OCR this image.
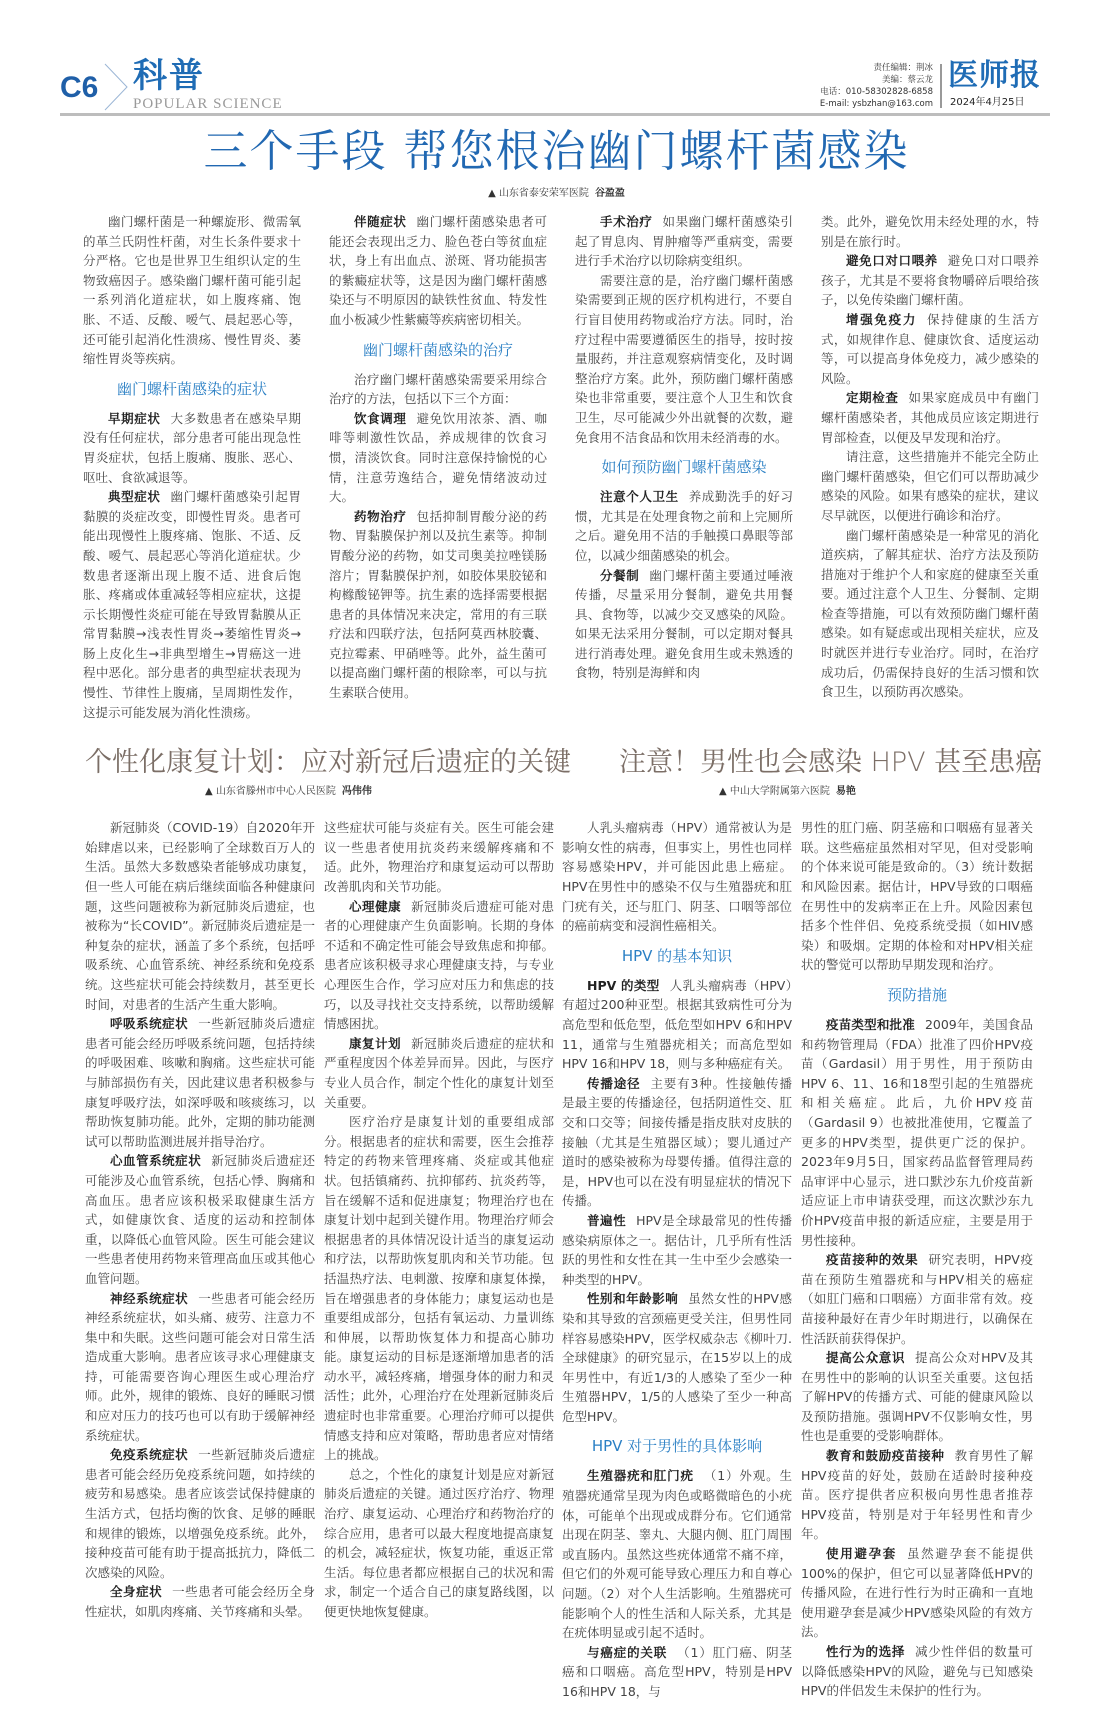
C6 科普
POPULAR SCIENCE
责任编辑：荆冰
美编：蔡云龙
电话：010-58302828-6858
E-mail: ysbzhan@163.com
医师报
2024年4月25日
三个手段 帮您根治幽门螺杆菌感染
▲ 山东省泰安荣军医院 谷盈盈

幽门螺杆菌是一种螺旋形、微需氧的革兰氏阴性杆菌，对生长条件要求十分严格。它也是世界卫生组织认定的生物致癌因子。感染幽门螺杆菌可能引起一系列消化道症状，如上腹疼痛、饱胀、不适、反酸、嗳气、晨起恶心等，还可能引起消化性溃疡、慢性胃炎、萎缩性胃炎等疾病。

幽门螺杆菌感染的症状

早期症状 大多数患者在感染早期没有任何症状，部分患者可能出现急性胃炎症状，包括上腹痛、腹胀、恶心、呕吐、食欲减退等。

典型症状 幽门螺杆菌感染引起胃黏膜的炎症改变，即慢性胃炎。患者可能出现慢性上腹疼痛、饱胀、不适、反酸、嗳气、晨起恶心等消化道症状。少数患者逐渐出现上腹不适、进食后饱胀、疼痛或体重减轻等相应症状，这提示长期慢性炎症可能在导致胃黏膜从正常胃黏膜→浅表性胃炎→萎缩性胃炎→肠上皮化生→非典型增生→胃癌这一进程中恶化。部分患者的典型症状表现为慢性、节律性上腹痛，呈周期性发作，这提示可能发展为消化性溃疡。

伴随症状 幽门螺杆菌感染患者可能还会表现出乏力、脸色苍白等贫血症状，身上有出血点、淤斑、肾功能损害的紫癜症状等，这是因为幽门螺杆菌感染还与不明原因的缺铁性贫血、特发性血小板减少性紫癜等疾病密切相关。

幽门螺杆菌感染的治疗

治疗幽门螺杆菌感染需要采用综合治疗的方法，包括以下三个方面：

饮食调理 避免饮用浓茶、酒、咖啡等刺激性饮品，养成规律的饮食习惯，清淡饮食。同时注意保持愉悦的心情，注意劳逸结合，避免情绪波动过大。

药物治疗 包括抑制胃酸分泌的药物、胃黏膜保护剂以及抗生素等。抑制胃酸分泌的药物，如艾司奥美拉唑镁肠溶片；胃黏膜保护剂，如胶体果胶铋和枸橼酸铋钾等。抗生素的选择需要根据患者的具体情况来决定，常用的有三联疗法和四联疗法，包括阿莫西林胶囊、克拉霉素、甲硝唑等。此外，益生菌可以提高幽门螺杆菌的根除率，可以与抗生素联合使用。

手术治疗 如果幽门螺杆菌感染引起了胃息肉、胃肿瘤等严重病变，需要进行手术治疗以切除病变组织。

需要注意的是，治疗幽门螺杆菌感染需要到正规的医疗机构进行，不要自行盲目使用药物或治疗方法。同时，治疗过程中需要遵循医生的指导，按时按量服药，并注意观察病情变化，及时调整治疗方案。此外，预防幽门螺杆菌感染也非常重要，要注意个人卫生和饮食卫生，尽可能减少外出就餐的次数，避免食用不洁食品和饮用未经消毒的水。

如何预防幽门螺杆菌感染

注意个人卫生 养成勤洗手的好习惯，尤其是在处理食物之前和上完厕所之后。避免用不洁的手触摸口鼻眼等部位，以减少细菌感染的机会。

分餐制 幽门螺杆菌主要通过唾液传播，尽量采用分餐制，避免共用餐具、食物等，以减少交叉感染的风险。如果无法采用分餐制，可以定期对餐具进行消毒处理。避免食用生或未熟透的食物，特别是海鲜和肉

类。此外，避免饮用未经处理的水，特别是在旅行时。

避免口对口喂养 避免口对口喂养孩子，尤其是不要将食物嚼碎后喂给孩子，以免传染幽门螺杆菌。

增强免疫力 保持健康的生活方式，如规律作息、健康饮食、适度运动等，可以提高身体免疫力，减少感染的风险。

定期检查 如果家庭成员中有幽门螺杆菌感染者，其他成员应该定期进行胃部检查，以便及早发现和治疗。

请注意，这些措施并不能完全防止幽门螺杆菌感染，但它们可以帮助减少感染的风险。如果有感染的症状，建议尽早就医，以便进行确诊和治疗。

幽门螺杆菌感染是一种常见的消化道疾病，了解其症状、治疗方法及预防措施对于维护个人和家庭的健康至关重要。通过注意个人卫生、分餐制、定期检查等措施，可以有效预防幽门螺杆菌感染。如有疑虑或出现相关症状，应及时就医并进行专业治疗。同时，在治疗成功后，仍需保持良好的生活习惯和饮食卫生，以预防再次感染。

个性化康复计划：应对新冠后遗症的关键
▲ 山东省滕州市中心人民医院 冯伟伟

新冠肺炎（COVID-19）自2020年开始肆虐以来，已经影响了全球数百万人的生活。虽然大多数感染者能够成功康复，但一些人可能在病后继续面临各种健康问题，这些问题被称为新冠肺炎后遗症，也被称为“长COVID”。新冠肺炎后遗症是一种复杂的症状，涵盖了多个系统，包括呼吸系统、心血管系统、神经系统和免疫系统。这些症状可能会持续数月，甚至更长时间，对患者的生活产生重大影响。

呼吸系统症状 一些新冠肺炎后遗症患者可能会经历呼吸系统问题，包括持续的呼吸困难、咳嗽和胸痛。这些症状可能与肺部损伤有关，因此建议患者积极参与康复呼吸疗法，如深呼吸和咳痰练习，以帮助恢复肺功能。此外，定期的肺功能测试可以帮助监测进展并指导治疗。

心血管系统症状 新冠肺炎后遗症还可能涉及心血管系统，包括心悸、胸痛和高血压。患者应该积极采取健康生活方式，如健康饮食、适度的运动和控制体重，以降低心血管风险。医生可能会建议一些患者使用药物来管理高血压或其他心血管问题。

神经系统症状 一些患者可能会经历神经系统症状，如头痛、疲劳、注意力不集中和失眠。这些问题可能会对日常生活造成重大影响。患者应该寻求心理健康支持，可能需要咨询心理医生或心理治疗师。此外，规律的锻炼、良好的睡眠习惯和应对压力的技巧也可以有助于缓解神经系统症状。

免疫系统症状 一些新冠肺炎后遗症患者可能会经历免疫系统问题，如持续的疲劳和易感染。患者应该尝试保持健康的生活方式，包括均衡的饮食、足够的睡眠和规律的锻炼，以增强免疫系统。此外，接种疫苗可能有助于提高抵抗力，降低二次感染的风险。

全身症状 一些患者可能会经历全身性症状，如肌肉疼痛、关节疼痛和头晕。

这些症状可能与炎症有关。医生可能会建议一些患者使用抗炎药来缓解疼痛和不适。此外，物理治疗和康复运动可以帮助改善肌肉和关节功能。

心理健康 新冠肺炎后遗症可能对患者的心理健康产生负面影响。长期的身体不适和不确定性可能会导致焦虑和抑郁。患者应该积极寻求心理健康支持，与专业心理医生合作，学习应对压力和焦虑的技巧，以及寻找社交支持系统，以帮助缓解情感困扰。

康复计划 新冠肺炎后遗症的症状和严重程度因个体差异而异。因此，与医疗专业人员合作，制定个性化的康复计划至关重要。

医疗治疗是康复计划的重要组成部分。根据患者的症状和需要，医生会推荐特定的药物来管理疼痛、炎症或其他症状。包括镇痛药、抗抑郁药、抗炎药等，旨在缓解不适和促进康复；物理治疗也在康复计划中起到关键作用。物理治疗师会根据患者的具体情况设计适当的康复运动和疗法，以帮助恢复肌肉和关节功能。包括温热疗法、电刺激、按摩和康复体操，旨在增强患者的身体能力；康复运动也是重要组成部分，包括有氧运动、力量训练和伸展，以帮助恢复体力和提高心肺功能。康复运动的目标是逐渐增加患者的活动水平，减轻疼痛，增强身体的耐力和灵活性；此外，心理治疗在处理新冠肺炎后遗症时也非常重要。心理治疗师可以提供情感支持和应对策略，帮助患者应对情绪上的挑战。

总之，个性化的康复计划是应对新冠肺炎后遗症的关键。通过医疗治疗、物理治疗、康复运动、心理治疗和药物治疗的综合应用，患者可以最大程度地提高康复的机会，减轻症状，恢复功能，重返正常生活。每位患者都应根据自己的状况和需求，制定一个适合自己的康复路线图，以便更快地恢复健康。

注意！男性也会感染 HPV 甚至患癌
▲ 中山大学附属第六医院 易艳

人乳头瘤病毒（HPV）通常被认为是影响女性的病毒，但事实上，男性也同样容易感染HPV，并可能因此患上癌症。HPV在男性中的感染不仅与生殖器疣和肛门疣有关，还与肛门、阴茎、口咽等部位的癌前病变和浸润性癌相关。

HPV 的基本知识

HPV 的类型 人乳头瘤病毒（HPV）有超过200种亚型。根据其致病性可分为高危型和低危型，低危型如HPV 6和HPV 11，通常与生殖器疣相关；而高危型如HPV 16和HPV 18，则与多种癌症有关。

传播途径 主要有3种。性接触传播是最主要的传播途径，包括阴道性交、肛交和口交等；间接传播是指皮肤对皮肤的接触（尤其是生殖器区域）；婴儿通过产道时的感染被称为母婴传播。值得注意的是，HPV也可以在没有明显症状的情况下传播。

普遍性 HPV是全球最常见的性传播感染病原体之一。据估计，几乎所有性活跃的男性和女性在其一生中至少会感染一种类型的HPV。

性别和年龄影响 虽然女性的HPV感染和其导致的宫颈癌更受关注，但男性同样容易感染HPV，医学权威杂志《柳叶刀.全球健康》的研究显示，在15岁以上的成年男性中，有近1/3的人感染了至少一种生殖器HPV，1/5的人感染了至少一种高危型HPV。

HPV 对于男性的具体影响

生殖器疣和肛门疣 （1）外观。生殖器疣通常呈现为肉色或略微暗色的小疣体，可能单个出现或成群分布。它们通常出现在阴茎、睾丸、大腿内侧、肛门周围或直肠内。虽然这些疣体通常不痛不痒，但它们的外观可能导致心理压力和自尊心问题。（2）对个人生活影响。生殖器疣可能影响个人的性生活和人际关系，尤其是在疣体明显或引起不适时。

与癌症的关联 （1）肛门癌、阴茎癌和口咽癌。高危型HPV，特别是HPV 16和HPV 18，与

男性的肛门癌、阴茎癌和口咽癌有显著关联。这些癌症虽然相对罕见，但对受影响的个体来说可能是致命的。（3）统计数据和风险因素。据估计，HPV导致的口咽癌在男性中的发病率正在上升。风险因素包括多个性伴侣、免疫系统受损（如HIV感染）和吸烟。定期的体检和对HPV相关症状的警觉可以帮助早期发现和治疗。

预防措施

疫苗类型和批准 2009年，美国食品和药物管理局（FDA）批准了四价HPV疫苗（Gardasil）用于男性，用于预防由HPV 6、11、16和18型引起的生殖器疣和相关癌症。此后，九价HPV疫苗（Gardasil 9）也被批准使用，它覆盖了更多的HPV类型，提供更广泛的保护。2023年9月5日，国家药品监督管理局药品审评中心显示，进口默沙东九价疫苗新适应证上市申请获受理，而这次默沙东九价HPV疫苗申报的新适应症，主要是用于男性接种。

疫苗接种的效果 研究表明，HPV疫苗在预防生殖器疣和与HPV相关的癌症（如肛门癌和口咽癌）方面非常有效。疫苗接种最好在青少年时期进行，以确保在性活跃前获得保护。

提高公众意识 提高公众对HPV及其在男性中的影响的认识至关重要。这包括了解HPV的传播方式、可能的健康风险以及预防措施。强调HPV不仅影响女性，男性也是重要的受影响群体。

教育和鼓励疫苗接种 教育男性了解HPV疫苗的好处，鼓励在适龄时接种疫苗。医疗提供者应积极向男性患者推荐HPV疫苗，特别是对于年轻男性和青少年。

使用避孕套 虽然避孕套不能提供100%的保护，但它可以显著降低HPV的传播风险，在进行性行为时正确和一直地使用避孕套是减少HPV感染风险的有效方法。

性行为的选择 减少性伴侣的数量可以降低感染HPV的风险，避免与已知感染HPV的伴侣发生未保护的性行为。
